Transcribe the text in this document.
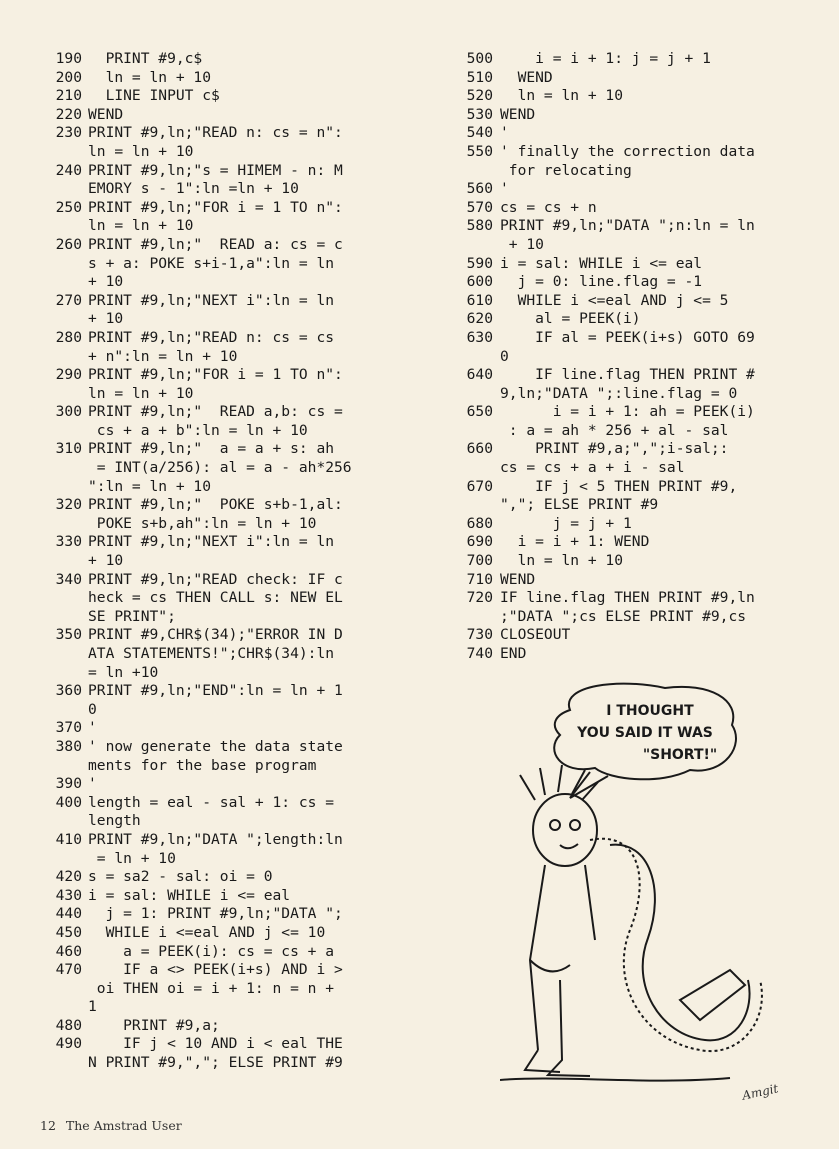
190 PRINT #9,c$
200 ln = ln + 10
210 LINE INPUT c$
220 WEND
230 PRINT #9,ln;"READ n: cs = n":
ln = ln + 10
240 PRINT #9,ln;"s = HIMEM - n: M
EMORY s - 1":ln =ln + 10
250 PRINT #9,ln;"FOR i = 1 TO n":
ln = ln + 10
260 PRINT #9,ln;"  READ a: cs = c
s + a: POKE s+i-1,a":ln = ln
+ 10
270 PRINT #9,ln;"NEXT i":ln = ln
+ 10
280 PRINT #9,ln;"READ n: cs = cs
+ n":ln = ln + 10
290 PRINT #9,ln;"FOR i = 1 TO n":
ln = ln + 10
300 PRINT #9,ln;"  READ a,b: cs =
cs + a + b":ln = ln + 10
310 PRINT #9,ln;"  a = a + s: ah
= INT(a/256): al = a - ah*256
":ln = ln + 10
320 PRINT #9,ln;"  POKE s+b-1,al:
POKE s+b,ah":ln = ln + 10
330 PRINT #9,ln;"NEXT i":ln = ln
+ 10
340 PRINT #9,ln;"READ check: IF c
heck = cs THEN CALL s: NEW EL
SE PRINT";
350 PRINT #9,CHR$(34);"ERROR IN D
ATA STATEMENTS!";CHR$(34):ln
= ln +10
360 PRINT #9,ln;"END":ln = ln + 1
0
370 '
380 ' now generate the data state
ments for the base program
390 '
400 length = eal - sal + 1: cs =
length
410 PRINT #9,ln;"DATA ";length:ln
= ln + 10
420 s = sa2 - sal: oi = 0
430 i = sal: WHILE i <= eal
440 j = 1: PRINT #9,ln;"DATA ";
450 WHILE i <=eal AND j <= 10
460 a = PEEK(i): cs = cs + a
470 IF a <> PEEK(i+s) AND i >
oi THEN oi = i + 1: n = n +
1
480 PRINT #9,a;
490 IF j < 10 AND i < eal THE
N PRINT #9,","; ELSE PRINT #9
500 i = i + 1: j = j + 1
510 WEND
520 ln = ln + 10
530 WEND
540 '
550 ' finally the correction data
for relocating
560 '
570 cs = cs + n
580 PRINT #9,ln;"DATA ";n:ln = ln
+ 10
590 i = sal: WHILE i <= eal
600 j = 0: line.flag = -1
610 WHILE i <=eal AND j <= 5
620 al = PEEK(i)
630 IF al = PEEK(i+s) GOTO 69
0
640 IF line.flag THEN PRINT #
9,ln;"DATA ";:line.flag = 0
650 i = i + 1: ah = PEEK(i)
: a = ah * 256 + al - sal
660 PRINT #9,a;",";i-sal;:
cs = cs + a + i - sal
670 IF j < 5 THEN PRINT #9,
","; ELSE PRINT #9
680 j = j + 1
690 i = i + 1: WEND
700 ln = ln + 10
710 WEND
720 IF line.flag THEN PRINT #9,ln
;"DATA ";cs ELSE PRINT #9,cs
730 CLOSEOUT
740 END
I THOUGHT
YOU SAID IT WAS
"SHORT!"
Amgit
12 The Amstrad User
